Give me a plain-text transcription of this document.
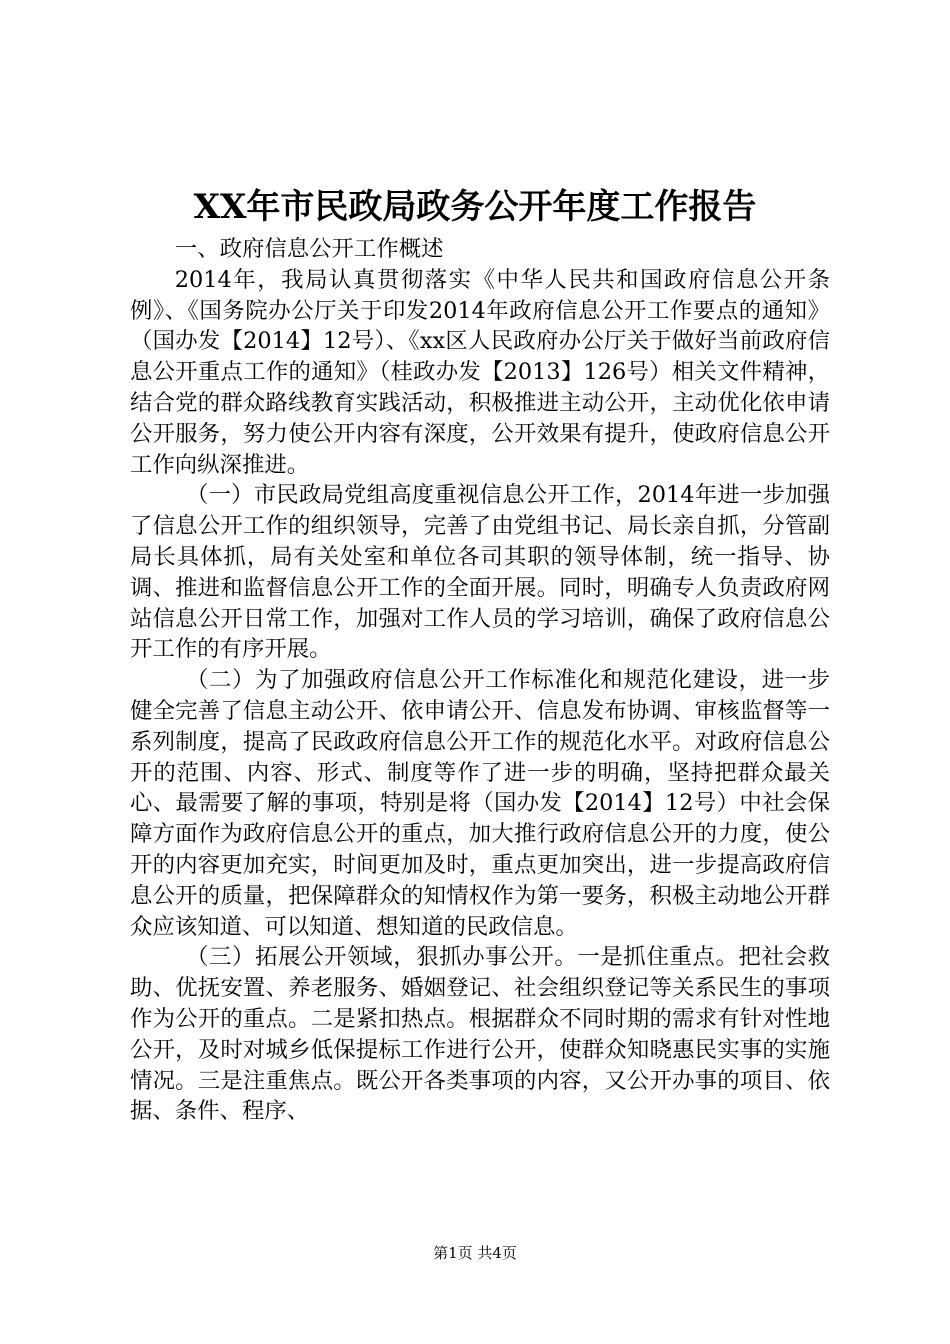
XX年市民政局政务公开年度工作报告

一、政府信息公开工作概述

2014年，我局认真贯彻落实《中华人民共和国政府信息公开条例》、《国务院办公厅关于印发2014年政府信息公开工作要点的通知》（国办发【2014】12号）、《xx区人民政府办公厅关于做好当前政府信息公开重点工作的通知》（桂政办发【2013】126号）相关文件精神，结合党的群众路线教育实践活动，积极推进主动公开，主动优化依申请公开服务，努力使公开内容有深度，公开效果有提升，使政府信息公开工作向纵深推进。

（一）市民政局党组高度重视信息公开工作，2014年进一步加强了信息公开工作的组织领导，完善了由党组书记、局长亲自抓，分管副局长具体抓，局有关处室和单位各司其职的领导体制，统一指导、协调、推进和监督信息公开工作的全面开展。同时，明确专人负责政府网站信息公开日常工作，加强对工作人员的学习培训，确保了政府信息公开工作的有序开展。

（二）为了加强政府信息公开工作标准化和规范化建设，进一步健全完善了信息主动公开、依申请公开、信息发布协调、审核监督等一系列制度，提高了民政政府信息公开工作的规范化水平。对政府信息公开的范围、内容、形式、制度等作了进一步的明确，坚持把群众最关心、最需要了解的事项，特别是将（国办发【2014】12号）中社会保障方面作为政府信息公开的重点，加大推行政府信息公开的力度，使公开的内容更加充实，时间更加及时，重点更加突出，进一步提高政府信息公开的质量，把保障群众的知情权作为第一要务，积极主动地公开群众应该知道、可以知道、想知道的民政信息。

（三）拓展公开领域，狠抓办事公开。一是抓住重点。把社会救助、优抚安置、养老服务、婚姻登记、社会组织登记等关系民生的事项作为公开的重点。二是紧扣热点。根据群众不同时期的需求有针对性地公开，及时对城乡低保提标工作进行公开，使群众知晓惠民实事的实施情况。三是注重焦点。既公开各类事项的内容，又公开办事的项目、依据、条件、程序、

第1页 共4页
